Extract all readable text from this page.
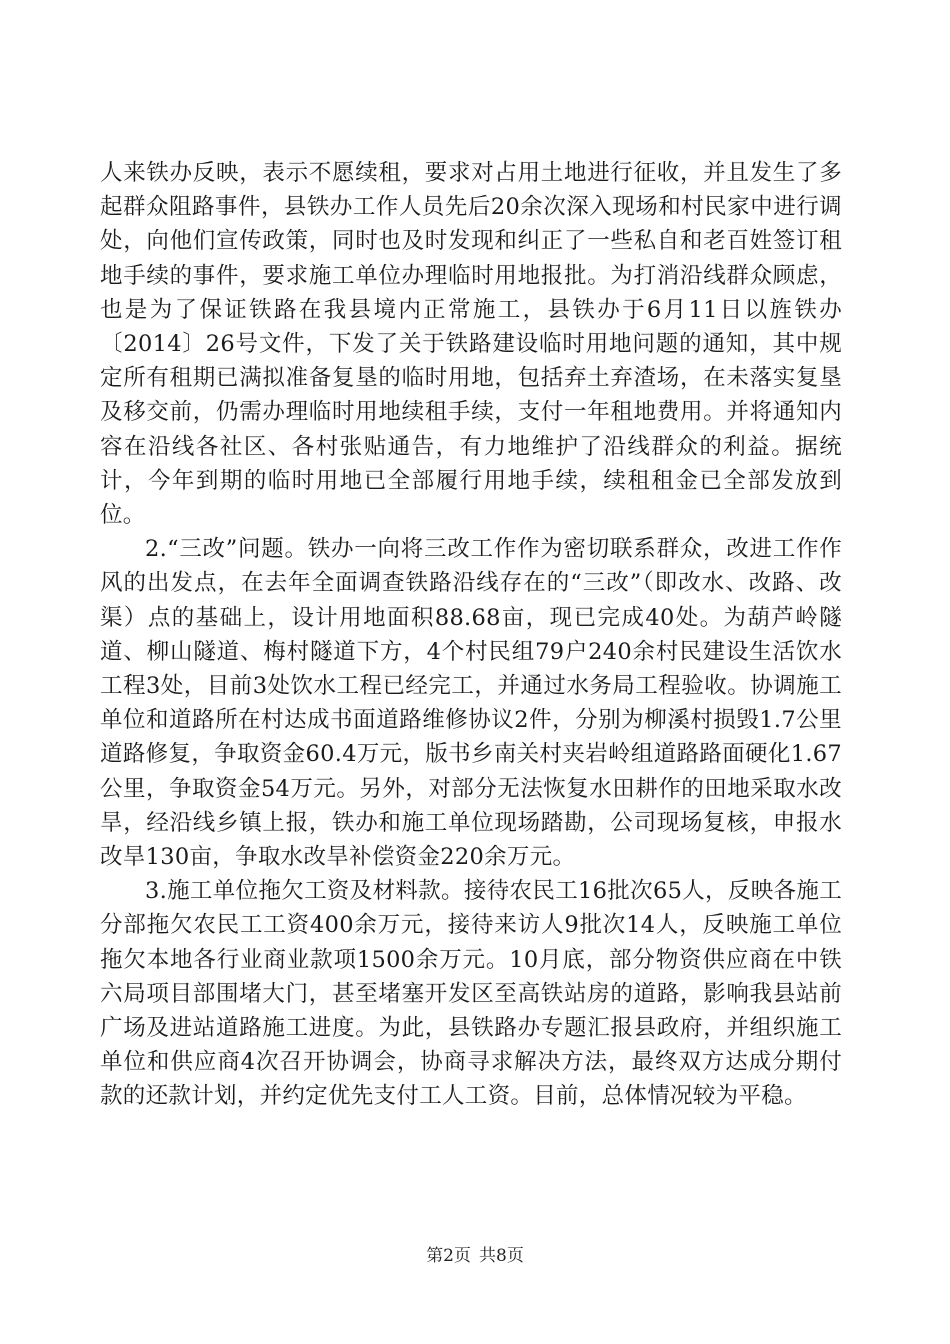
人来铁办反映，表示不愿续租，要求对占用土地进行征收，并且发生了多起群众阻路事件，县铁办工作人员先后20余次深入现场和村民家中进行调处，向他们宣传政策，同时也及时发现和纠正了一些私自和老百姓签订租地手续的事件，要求施工单位办理临时用地报批。为打消沿线群众顾虑，也是为了保证铁路在我县境内正常施工，县铁办于6月11日以旌铁办〔2014〕26号文件，下发了关于铁路建设临时用地问题的通知，其中规定所有租期已满拟准备复垦的临时用地，包括弃土弃渣场，在未落实复垦及移交前，仍需办理临时用地续租手续，支付一年租地费用。并将通知内容在沿线各社区、各村张贴通告，有力地维护了沿线群众的利益。据统计，今年到期的临时用地已全部履行用地手续，续租租金已全部发放到位。

2.“三改”问题。铁办一向将三改工作作为密切联系群众，改进工作作风的出发点，在去年全面调查铁路沿线存在的“三改”（即改水、改路、改渠）点的基础上，设计用地面积88.68亩，现已完成40处。为葫芦岭隧道、柳山隧道、梅村隧道下方，4个村民组79户240余村民建设生活饮水工程3处，目前3处饮水工程已经完工，并通过水务局工程验收。协调施工单位和道路所在村达成书面道路维修协议2件，分别为柳溪村损毁1.7公里道路修复，争取资金60.4万元，版书乡南关村夹岩岭组道路路面硬化1.67公里，争取资金54万元。另外，对部分无法恢复水田耕作的田地采取水改旱，经沿线乡镇上报，铁办和施工单位现场踏勘，公司现场复核，申报水改旱130亩，争取水改旱补偿资金220余万元。

3.施工单位拖欠工资及材料款。接待农民工16批次65人，反映各施工分部拖欠农民工工资400余万元，接待来访人9批次14人，反映施工单位拖欠本地各行业商业款项1500余万元。10月底，部分物资供应商在中铁六局项目部围堵大门，甚至堵塞开发区至高铁站房的道路，影响我县站前广场及进站道路施工进度。为此，县铁路办专题汇报县政府，并组织施工单位和供应商4次召开协调会，协商寻求解决方法，最终双方达成分期付款的还款计划，并约定优先支付工人工资。目前，总体情况较为平稳。

第2页 共8页
